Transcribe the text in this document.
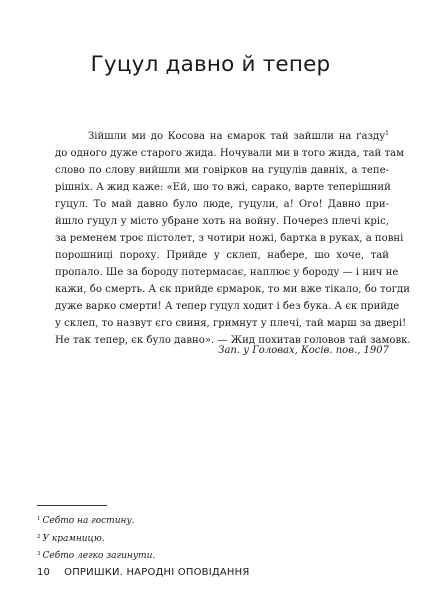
Гуцул давно й тепер
Зійшли ми до Косова на ємарок тай зайшли на ґазду$^1$
до одного дуже старого жида. Ночували ми в того жида, тай там
слово по слову вийшли ми говірков на гуцулів давніх, а тепе-
рішніх. А жид каже: «Ей, шо то вжі, сарако, варте теперішний
гуцул. То май давно було люде, гуцули, а! Ого! Давно при-
йшло гуцул у місто убране хоть на войну. Почерез плечі кріс,
за ременем троє пістолет, з чотири ножі, бартка в руках, а повні
порошниці пороху. Прийде у склеп, набере, шо хоче, тай
пропало. Ше за бороду потермасає, наплює у бороду — і нич не
кажи, бо смерть. А єк прийде єрмарок, то ми вже тікало, бо тогди
дуже варко смерти! А тепер гуцул ходит і без бука. А єк прийде
у склеп, то назвут єго свиня, гримнут у плечі, тай марш за двері!
Не так тепер, єк було давно». — Жид похитав головов тай замовк.
Зап. у Головах, Косів. пов., 1907
$^1$ Себто на гостину.
$^2$ У крамницю.
$^3$ Себто легко загинути.
10 ОПРИШКИ. НАРОДНІ ОПОВІДАННЯ
